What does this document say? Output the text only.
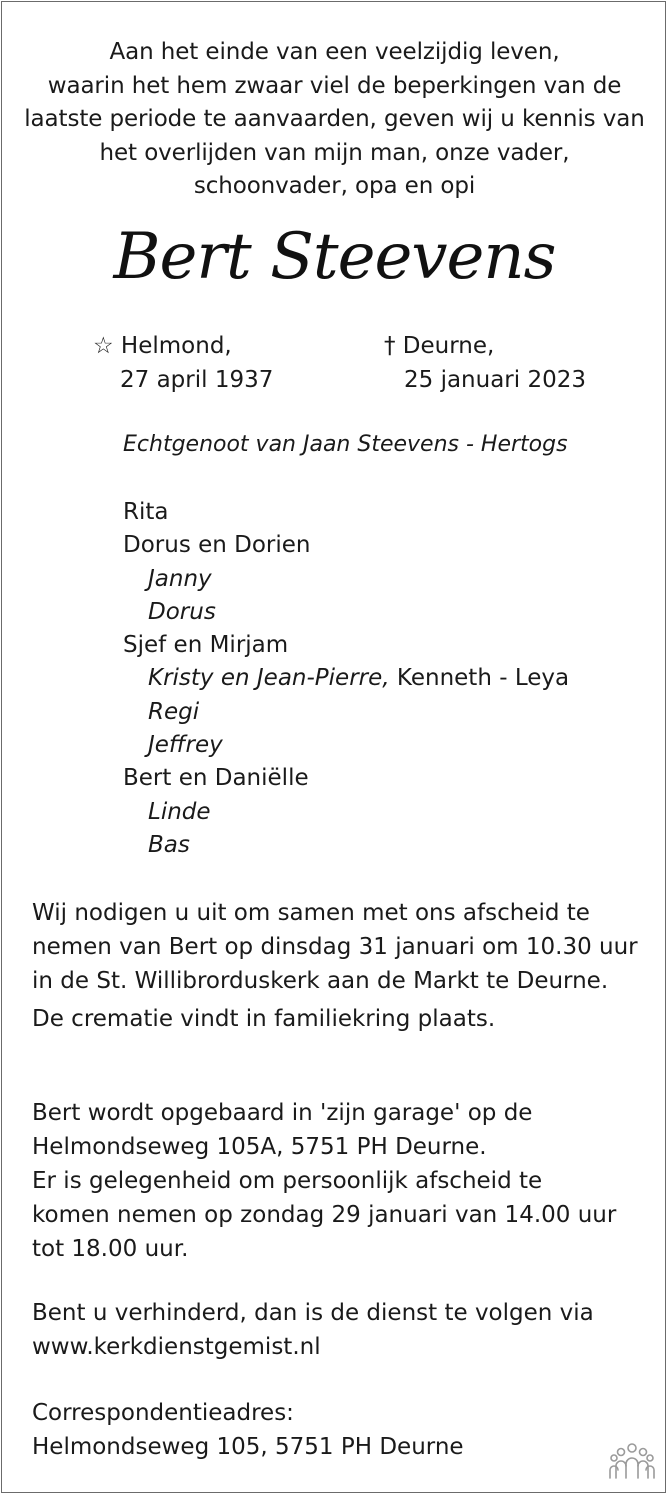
Aan het einde van een veelzijdig leven,
waarin het hem zwaar viel de beperkingen van de
laatste periode te aanvaarden, geven wij u kennis van
het overlijden van mijn man, onze vader,
schoonvader, opa en opi
Bert Steevens
☆ Helmond,
27 april 1937
† Deurne,
25 januari 2023
Echtgenoot van Jaan Steevens - Hertogs
Rita
Dorus en Dorien
Janny
Dorus
Sjef en Mirjam
Kristy en Jean-Pierre, Kenneth - Leya
Regi
Jeffrey
Bert en Daniëlle
Linde
Bas
Wij nodigen u uit om samen met ons afscheid te
nemen van Bert op dinsdag 31 januari om 10.30 uur
in de St. Willibrorduskerk aan de Markt te Deurne.
De crematie vindt in familiekring plaats.
Bert wordt opgebaard in 'zijn garage' op de
Helmondseweg 105A, 5751 PH Deurne.
Er is gelegenheid om persoonlijk afscheid te
komen nemen op zondag 29 januari van 14.00 uur
tot 18.00 uur.
Bent u verhinderd, dan is de dienst te volgen via
www.kerkdienstgemist.nl
Correspondentieadres:
Helmondseweg 105, 5751 PH Deurne
